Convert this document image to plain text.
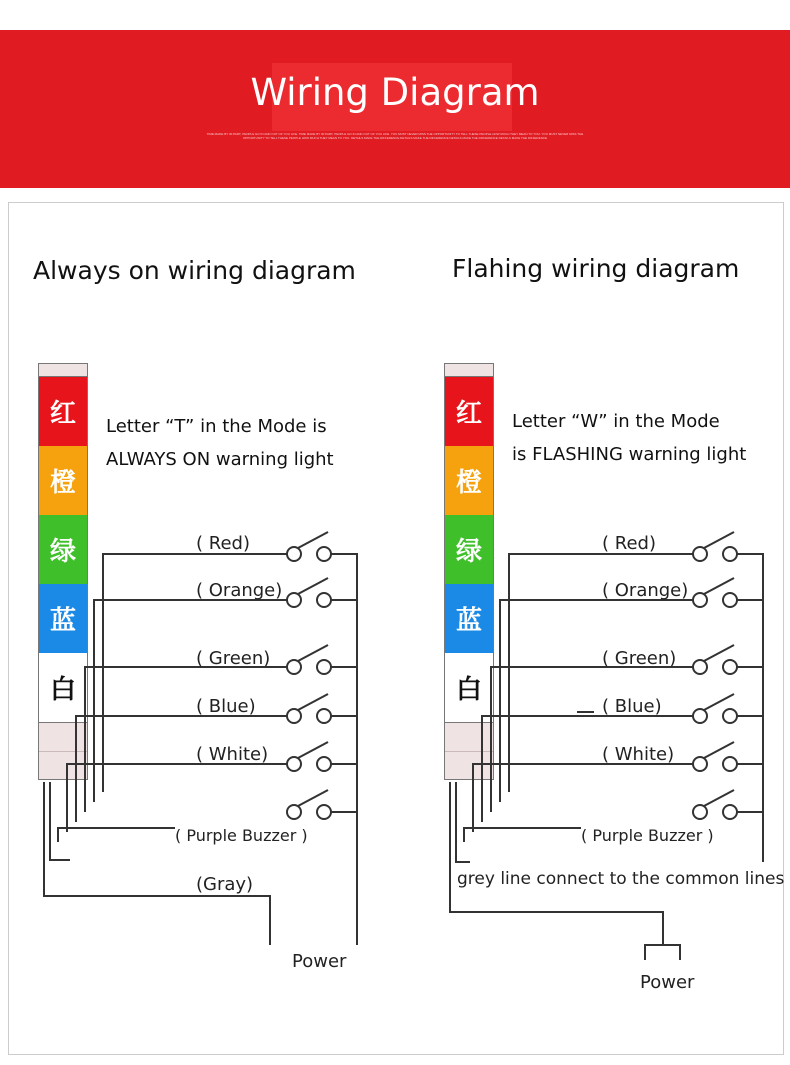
Wiring Diagram
TIME MADE BY 30 PART, PEOPLE GO IN AND OUT OF YOU LIFE. TIME MADE BY 30 PART, PEOPLE GO IN AND OUT OF YOU LIFE. YOU MUST NEVER MISS THE OPPORTUNITY TO TELL THESE PEOPLE HOW MUCH THEY MEAN TO YOU. YOU MUST NEVER MISS THE OPPORTUNITY TO TELL THESE PEOPLE HOW MUCH THEY MEAN TO YOU. DETAILS MAKE THE DIFFERENCE DETAILS MAKE THE DIFFERENCE DETAILS MAKE THE DIFFERENCE DETAILS MAKE THE DIFFERENCE
Always on wiring diagram	Flahing wiring diagram
Letter “T” in the Mode is
ALWAYS ON warning light
Letter “W” in the Mode
is FLASHING warning light
红
橙
绿
蓝
白
红
橙
绿
蓝
白
( Red)
( Orange)
( Green)
( Blue)
( White)
( Purple Buzzer )
(Gray)
Power
( Red)
( Orange)
( Green)
( Blue)
( White)
( Purple Buzzer )
grey line connect to the common lines
Power
